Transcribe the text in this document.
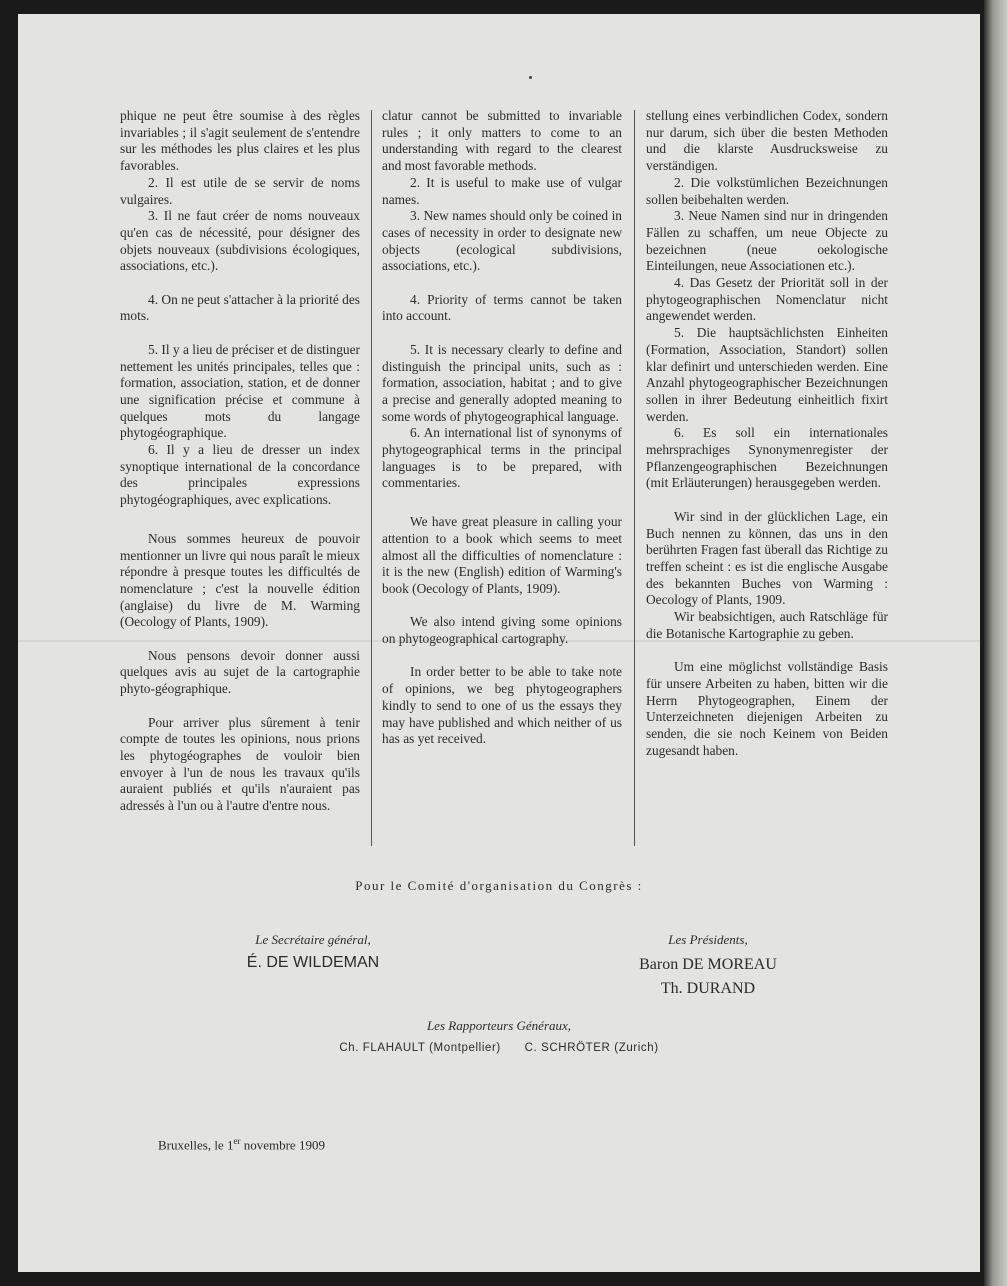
phique ne peut être soumise à des règles invariables ; il s'agit seulement de s'entendre sur les méthodes les plus claires et les plus favorables.

2. Il est utile de se servir de noms vulgaires.

3. Il ne faut créer de noms nouveaux qu'en cas de nécessité, pour désigner des objets nouveaux (subdivisions écologiques, associations, etc.).

4. On ne peut s'attacher à la priorité des mots.

5. Il y a lieu de préciser et de distinguer nettement les unités principales, telles que : formation, association, station, et de donner une signification précise et commune à quelques mots du langage phytogéographique.

6. Il y a lieu de dresser un index synoptique international de la concordance des principales expressions phytogéographiques, avec explications.

Nous sommes heureux de pouvoir mentionner un livre qui nous paraît le mieux répondre à presque toutes les difficultés de nomenclature ; c'est la nouvelle édition (anglaise) du livre de M. Warming (Oecology of Plants, 1909).

Nous pensons devoir donner aussi quelques avis au sujet de la cartographie phyto-géographique.

Pour arriver plus sûrement à tenir compte de toutes les opinions, nous prions les phytogéographes de vouloir bien envoyer à l'un de nous les travaux qu'ils auraient publiés et qu'ils n'auraient pas adressés à l'un ou à l'autre d'entre nous.

clatur cannot be submitted to invariable rules ; it only matters to come to an understanding with regard to the clearest and most favorable methods.

2. It is useful to make use of vulgar names.

3. New names should only be coined in cases of necessity in order to designate new objects (ecological subdivisions, associations, etc.).

4. Priority of terms cannot be taken into account.

5. It is necessary clearly to define and distinguish the principal units, such as : formation, association, habitat ; and to give a precise and generally adopted meaning to some words of phytogeographical language.

6. An international list of synonyms of phytogeographical terms in the principal languages is to be prepared, with commentaries.

We have great pleasure in calling your attention to a book which seems to meet almost all the difficulties of nomenclature : it is the new (English) edition of Warming's book (Oecology of Plants, 1909).

We also intend giving some opinions on phytogeographical cartography.

In order better to be able to take note of opinions, we beg phytogeographers kindly to send to one of us the essays they may have published and which neither of us has as yet received.

stellung eines verbindlichen Codex, sondern nur darum, sich über die besten Methoden und die klarste Ausdrucksweise zu verständigen.

2. Die volkstümlichen Bezeichnungen sollen beibehalten werden.

3. Neue Namen sind nur in dringenden Fällen zu schaffen, um neue Objecte zu bezeichnen (neue oekologische Einteilungen, neue Associationen etc.).

4. Das Gesetz der Priorität soll in der phytogeographischen Nomenclatur nicht angewendet werden.

5. Die hauptsächlichsten Einheiten (Formation, Association, Standort) sollen klar definirt und unterschieden werden. Eine Anzahl phytogeographischer Bezeichnungen sollen in ihrer Bedeutung einheitlich fixirt werden.

6. Es soll ein internationales mehrsprachiges Synonymenregister der Pflanzengeographischen Bezeichnungen (mit Erläuterungen) herausgegeben werden.

Wir sind in der glücklichen Lage, ein Buch nennen zu können, das uns in den berührten Fragen fast überall das Richtige zu treffen scheint : es ist die englische Ausgabe des bekannten Buches von Warming : Oecology of Plants, 1909.

Wir beabsichtigen, auch Ratschläge für die Botanische Kartographie zu geben.

Um eine möglichst vollständige Basis für unsere Arbeiten zu haben, bitten wir die Herrn Phytogeographen, Einem der Unterzeichneten diejenigen Arbeiten zu senden, die sie noch Keinem von Beiden zugesandt haben.

Pour le Comité d'organisation du Congrès :
Le Secrétaire général,
É. DE WILDEMAN
Les Présidents,
Baron DE MOREAU
Th. DURAND
Les Rapporteurs Généraux,
Ch. FLAHAULT (Montpellier) C. SCHRÖTER (Zurich)
Bruxelles, le 1er novembre 1909
